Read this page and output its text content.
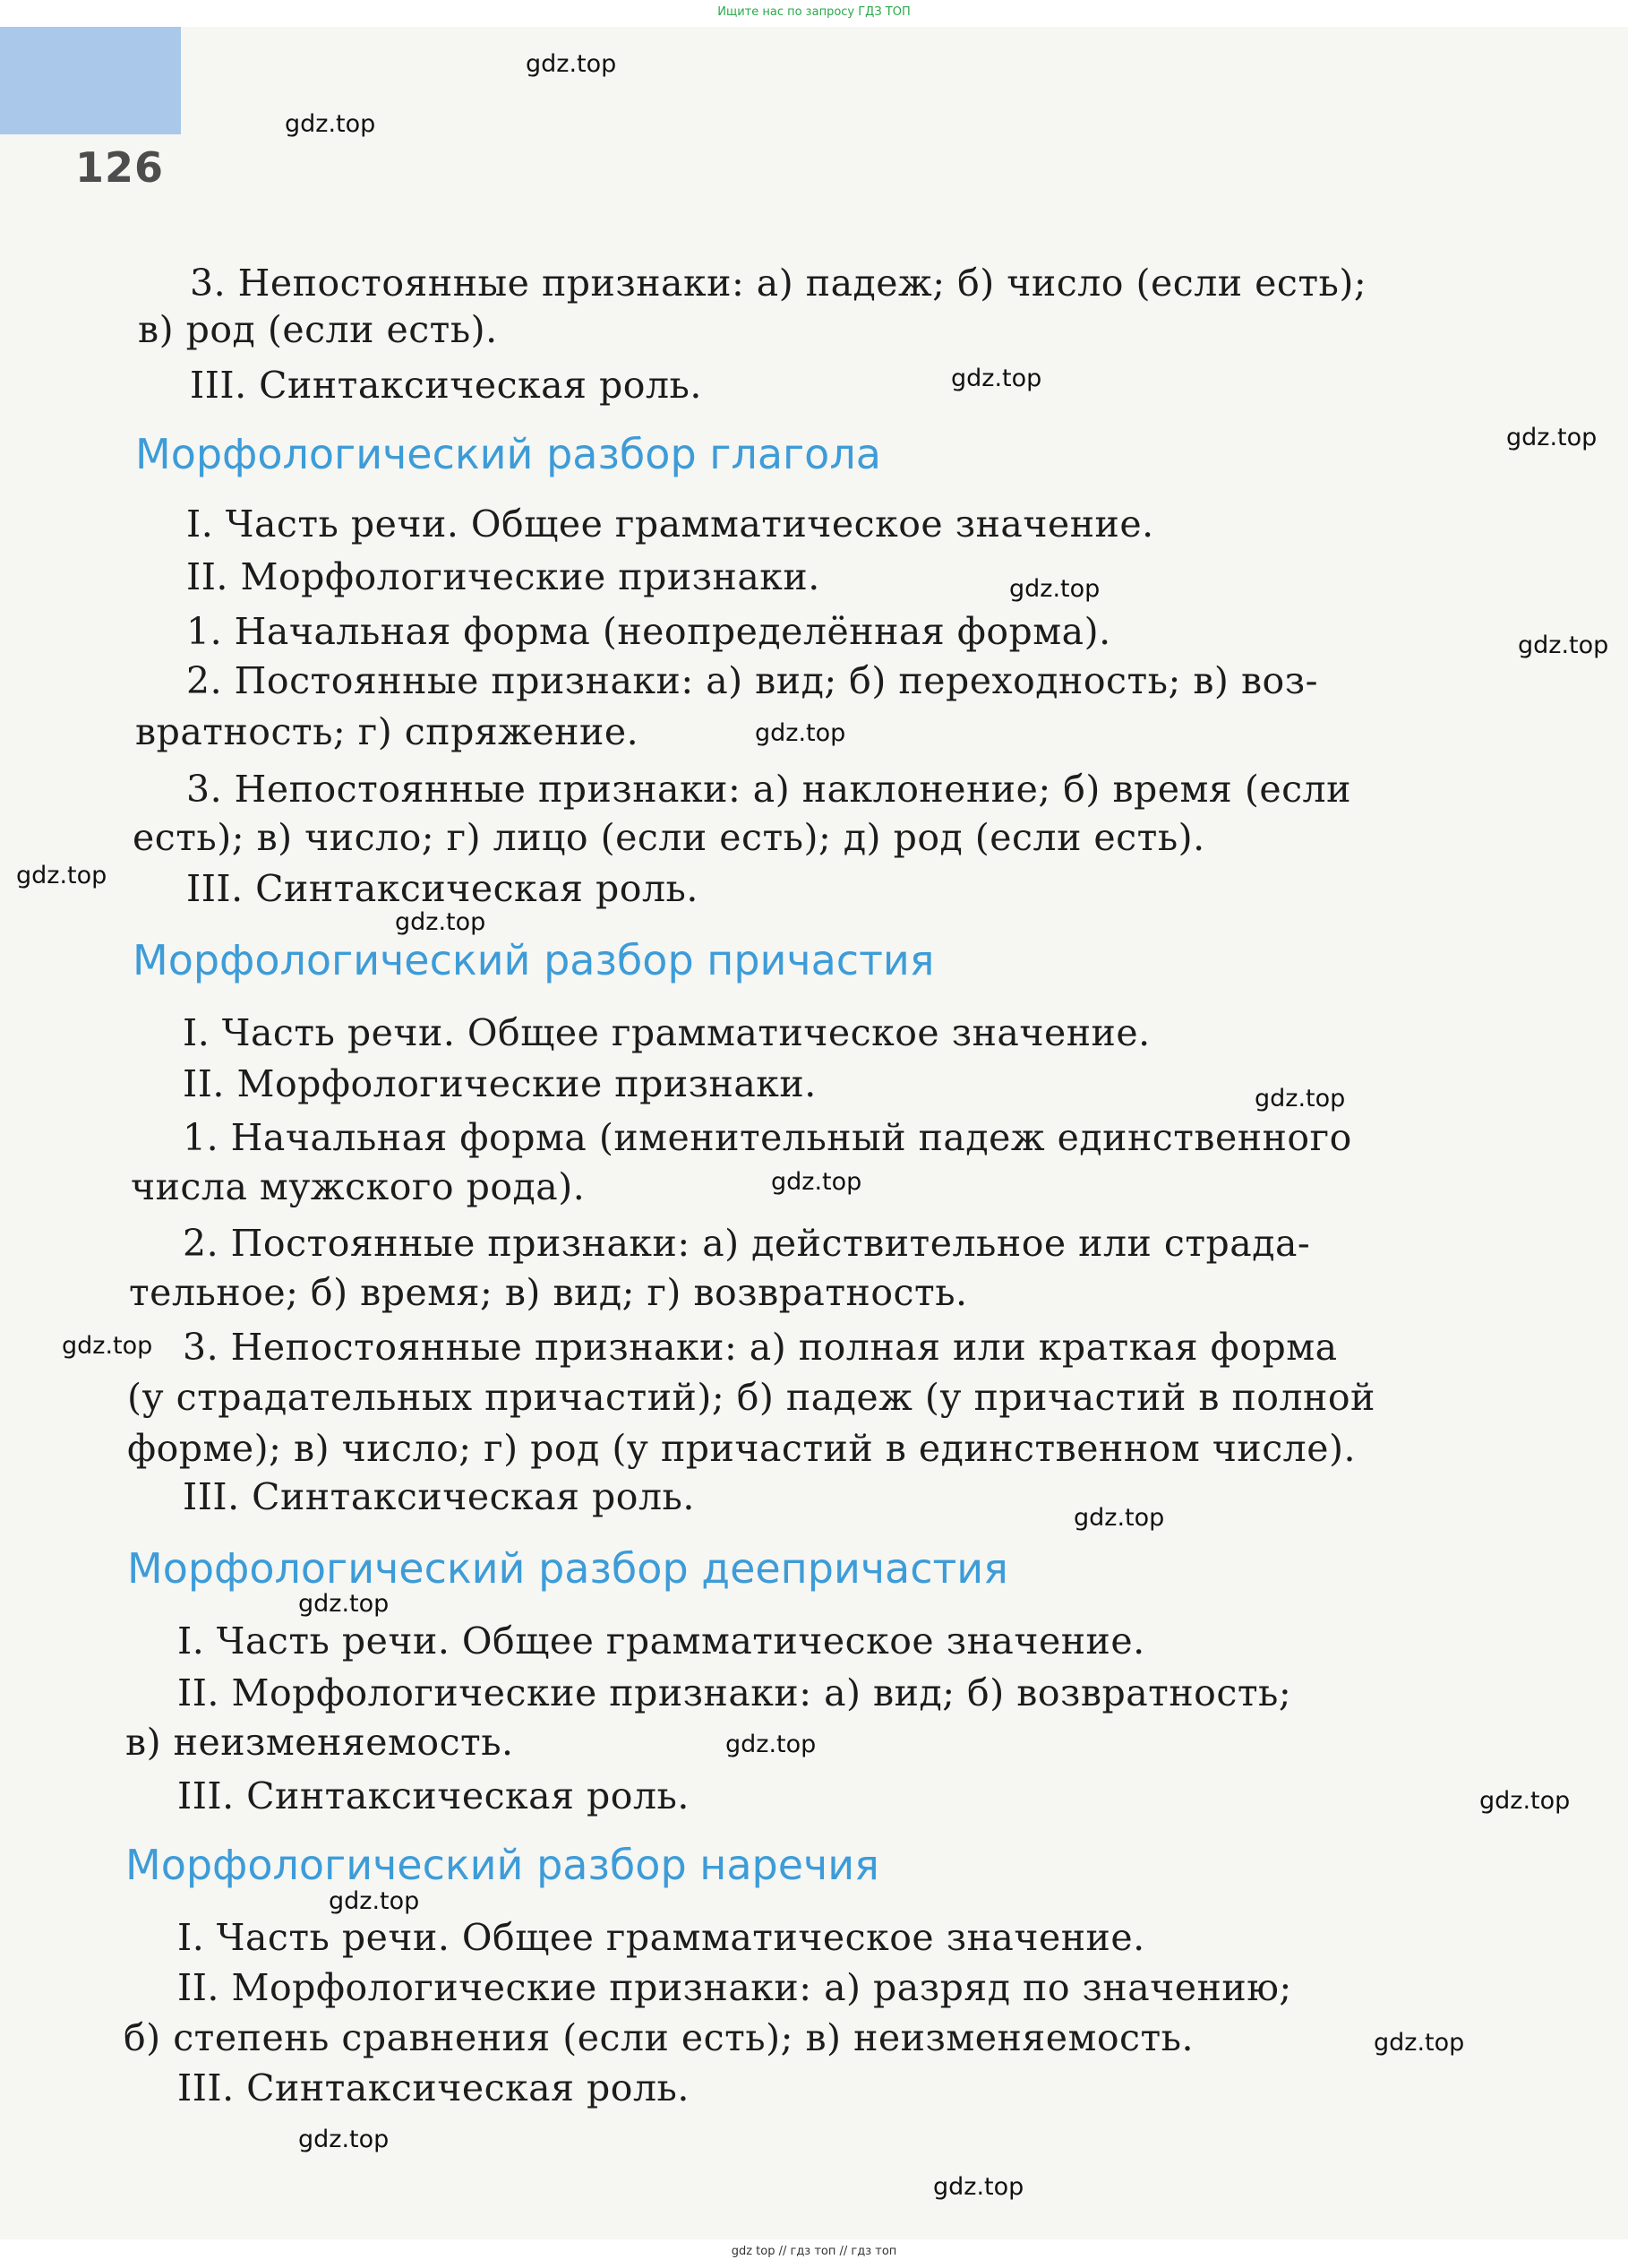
Ищите нас по запросу ГДЗ ТОП
126
3. Непостоянные признаки: а) падеж; б) число (если есть);
в) род (если есть).
III. Синтаксическая роль.
Морфологический разбор глагола
I. Часть речи. Общее грамматическое значение.
II. Морфологические признаки.
1. Начальная форма (неопределённая форма).
2. Постоянные признаки: а) вид; б) переходность; в) воз-
вратность; г) спряжение.
3. Непостоянные признаки: а) наклонение; б) время (если
есть); в) число; г) лицо (если есть); д) род (если есть).
III. Синтаксическая роль.
Морфологический разбор причастия
I. Часть речи. Общее грамматическое значение.
II. Морфологические признаки.
1. Начальная форма (именительный падеж единственного
числа мужского рода).
2. Постоянные признаки: а) действительное или страда-
тельное; б) время; в) вид; г) возвратность.
3. Непостоянные признаки: а) полная или краткая форма
(у страдательных причастий); б) падеж (у причастий в полной
форме); в) число; г) род (у причастий в единственном числе).
III. Синтаксическая роль.
Морфологический разбор деепричастия
I. Часть речи. Общее грамматическое значение.
II. Морфологические признаки: а) вид; б) возвратность;
в) неизменяемость.
III. Синтаксическая роль.
Морфологический разбор наречия
I. Часть речи. Общее грамматическое значение.
II. Морфологические признаки: а) разряд по значению;
б) степень сравнения (если есть); в) неизменяемость.
III. Синтаксическая роль.
gdz.top
gdz.top
gdz.top
gdz.top
gdz.top
gdz.top
gdz.top
gdz.top
gdz.top
gdz.top
gdz.top
gdz.top
gdz.top
gdz.top
gdz.top
gdz.top
gdz.top
gdz.top
gdz.top
gdz.top
gdz top // гдз топ // гдз топ
